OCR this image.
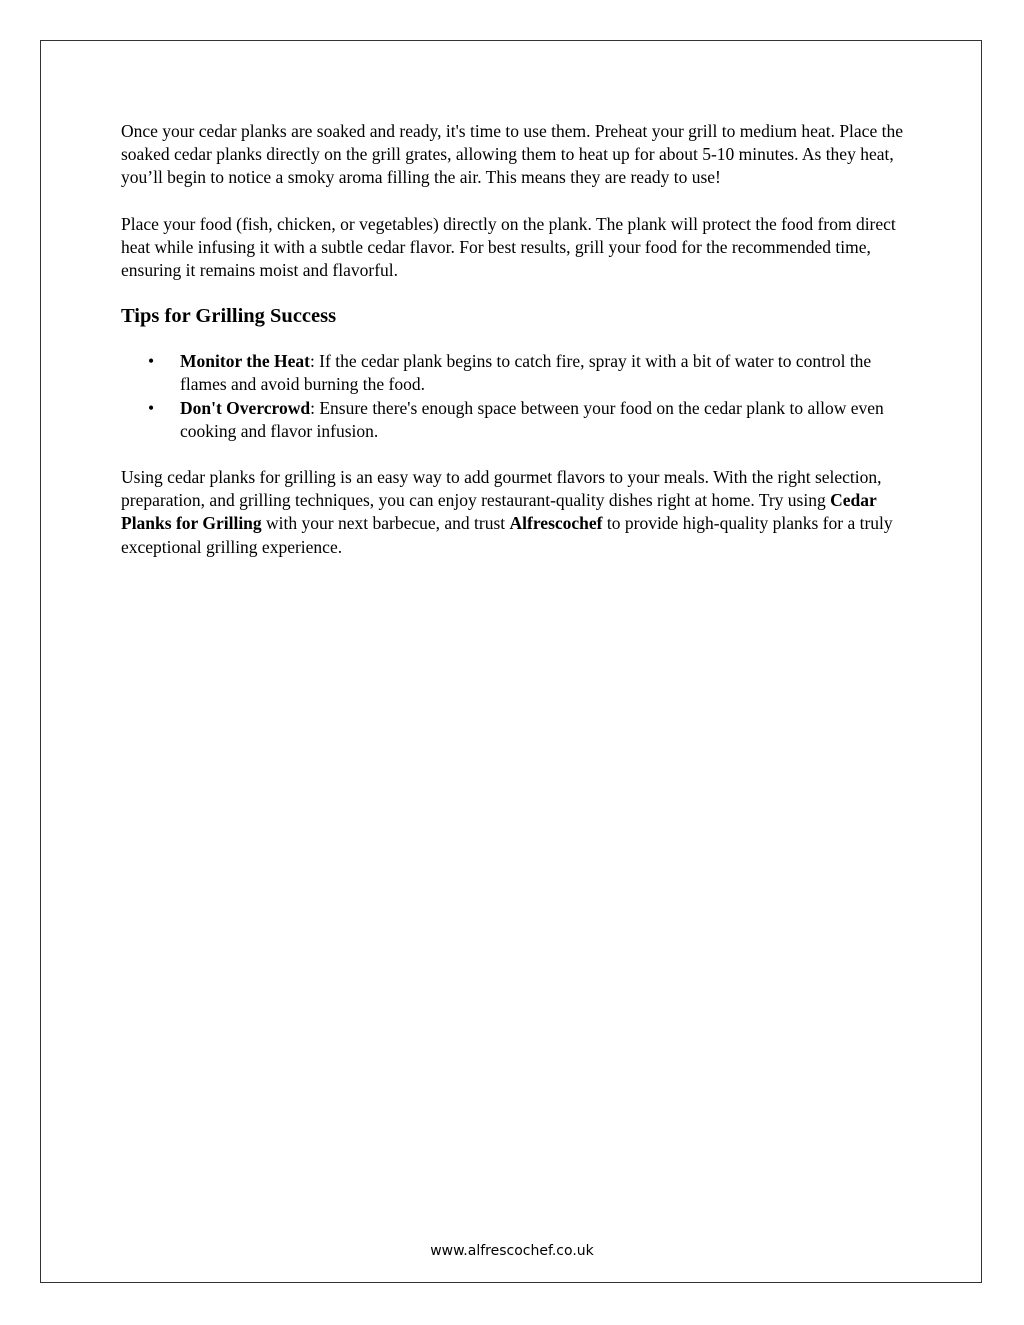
Once your cedar planks are soaked and ready, it's time to use them. Preheat your grill to medium heat. Place the soaked cedar planks directly on the grill grates, allowing them to heat up for about 5-10 minutes. As they heat, you’ll begin to notice a smoky aroma filling the air. This means they are ready to use!

Place your food (fish, chicken, or vegetables) directly on the plank. The plank will protect the food from direct heat while infusing it with a subtle cedar flavor. For best results, grill your food for the recommended time, ensuring it remains moist and flavorful.

Tips for Grilling Success
• Monitor the Heat: If the cedar plank begins to catch fire, spray it with a bit of water to control the flames and avoid burning the food.
• Don't Overcrowd: Ensure there's enough space between your food on the cedar plank to allow even cooking and flavor infusion.

Using cedar planks for grilling is an easy way to add gourmet flavors to your meals. With the right selection, preparation, and grilling techniques, you can enjoy restaurant-quality dishes right at home. Try using Cedar Planks for Grilling with your next barbecue, and trust Alfrescochef to provide high-quality planks for a truly exceptional grilling experience.

www.alfrescochef.co.uk
